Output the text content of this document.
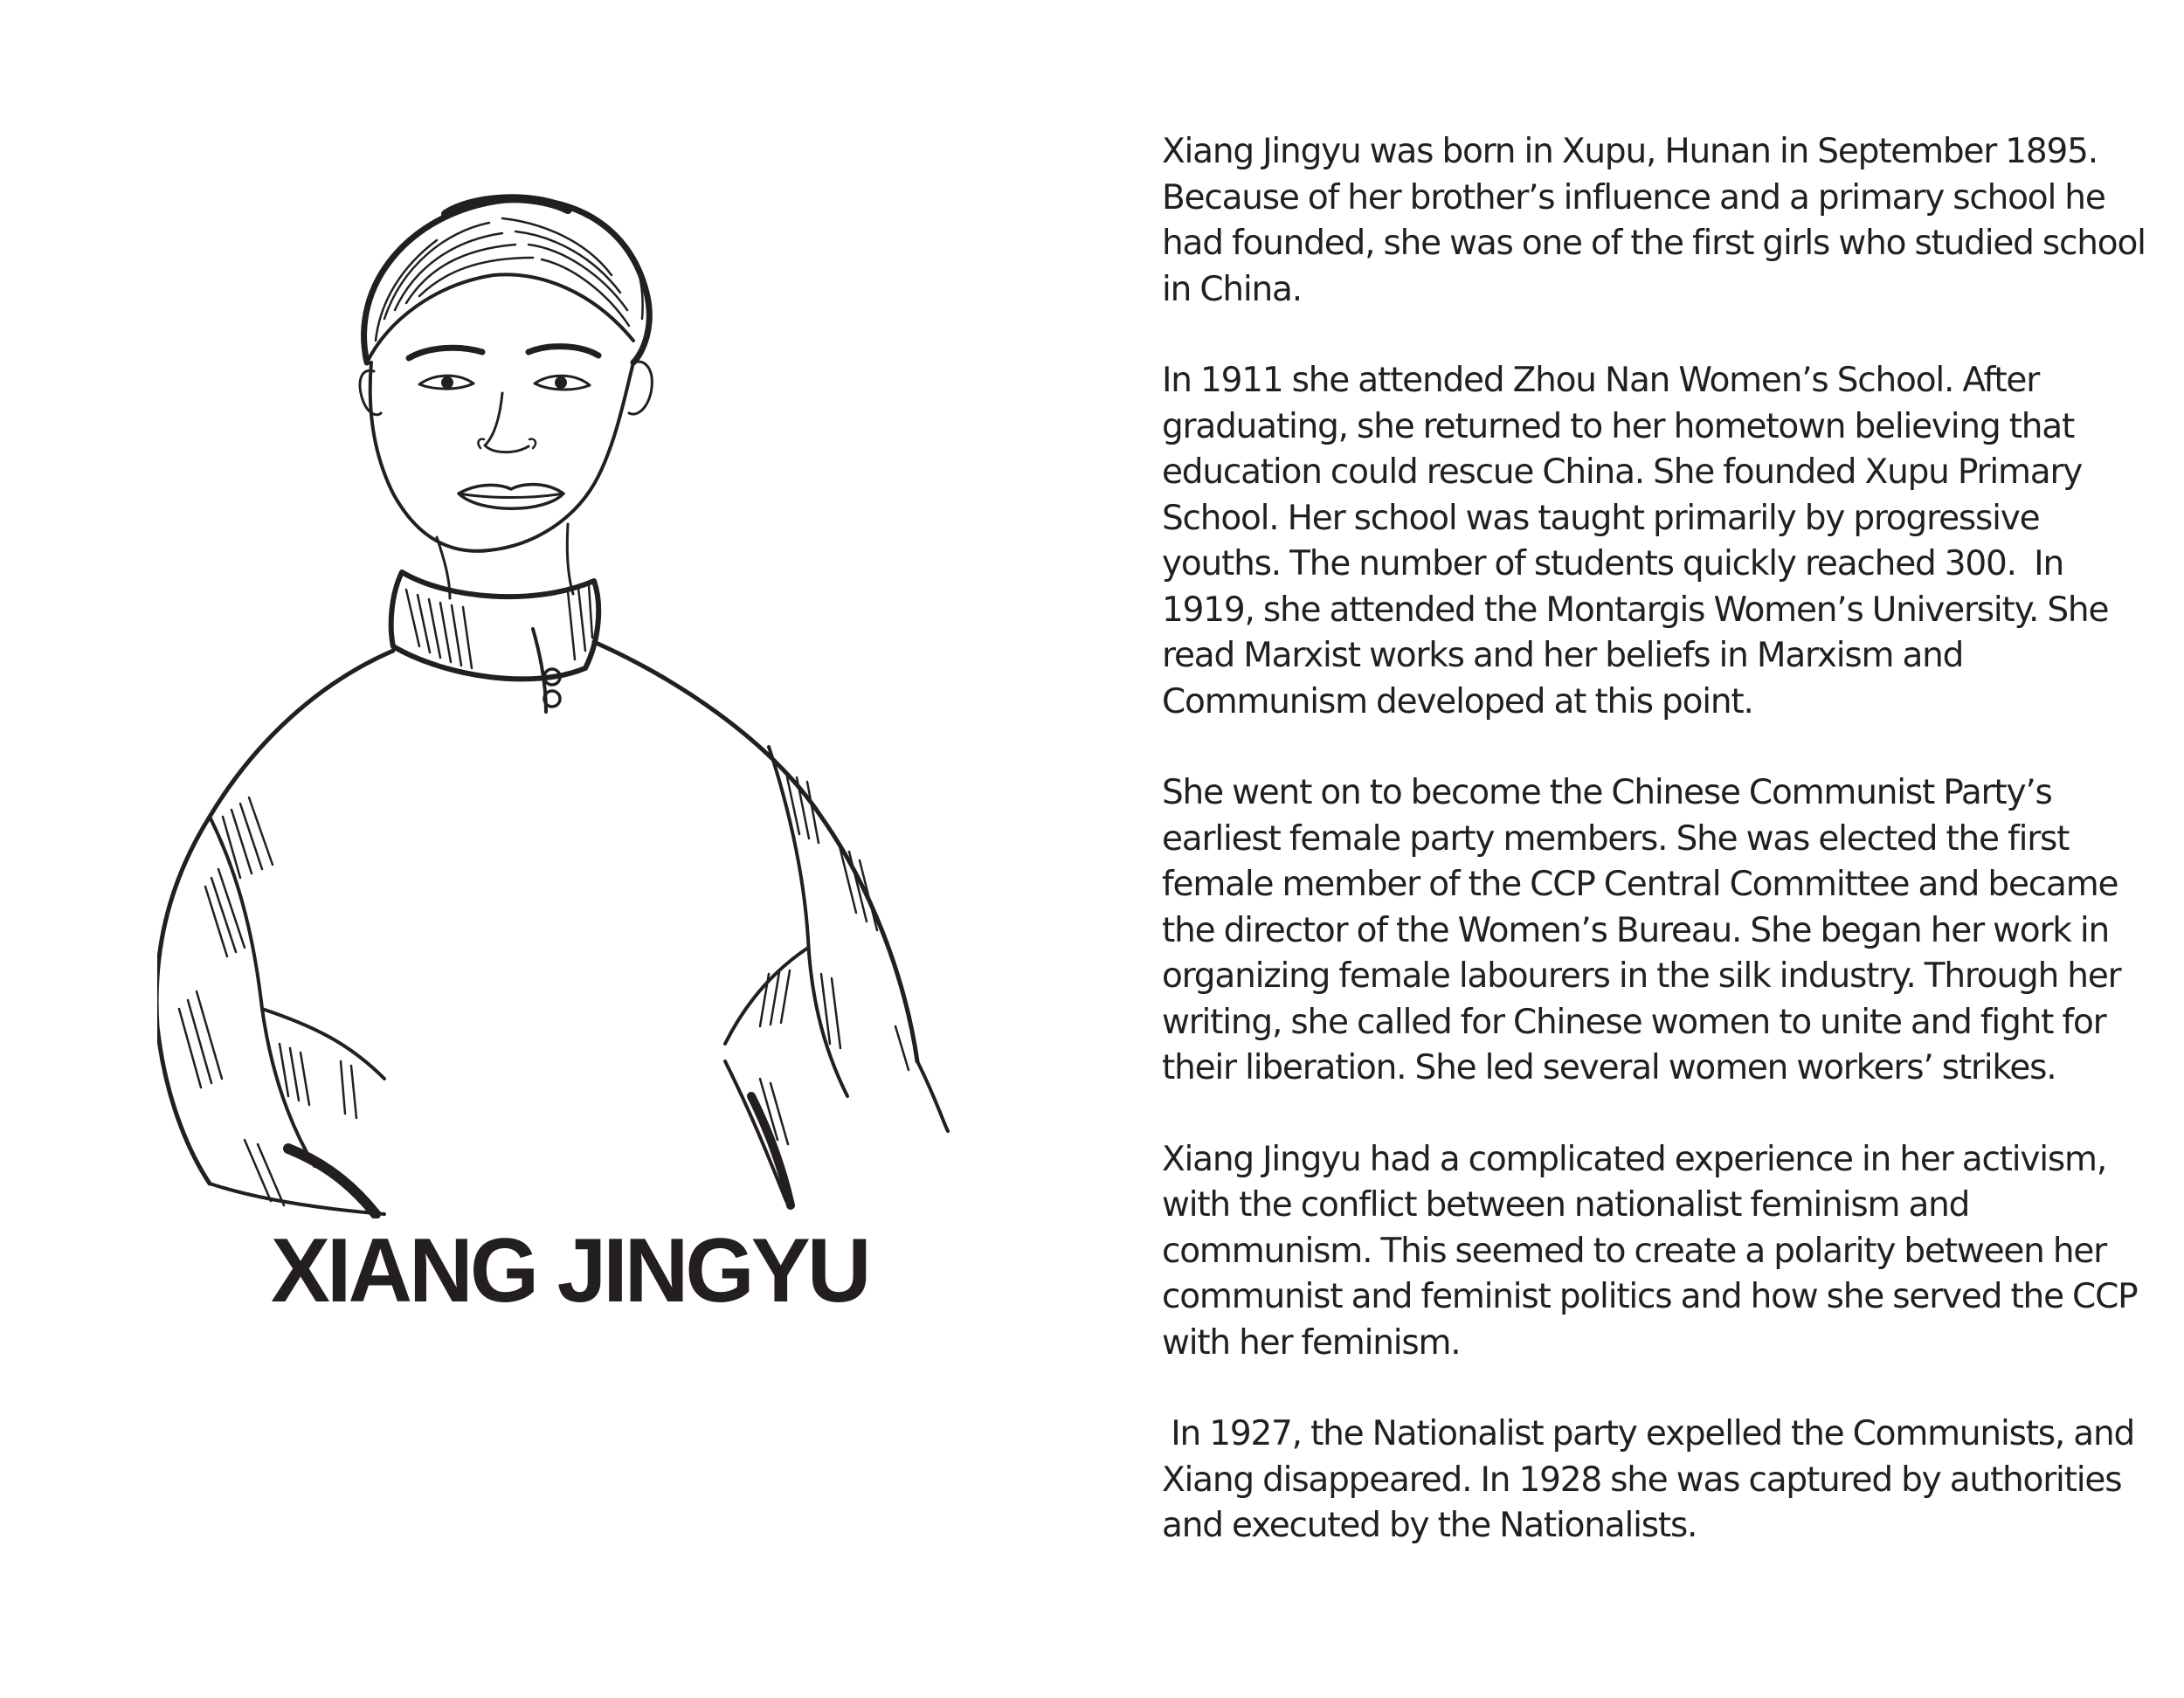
XIANG JINGYU

Xiang Jingyu was born in Xupu, Hunan in September 1895. Because of her brother’s influence and a primary school he had founded, she was one of the first girls who studied school in China.

In 1911 she attended Zhou Nan Women’s School. After graduating, she returned to her hometown believing that education could rescue China. She founded Xupu Primary School. Her school was taught primarily by progressive youths. The number of students quickly reached 300.  In 1919, she attended the Montargis Women’s University. She read Marxist works and her beliefs in Marxism and Communism developed at this point.

She went on to become the Chinese Communist Party’s earliest female party members. She was elected the first female member of the CCP Central Committee and became the director of the Women’s Bureau. She began her work in organizing female labourers in the silk industry. Through her writing, she called for Chinese women to unite and fight for their liberation. She led several women workers’ strikes.

Xiang Jingyu had a complicated experience in her activism, with the conflict between nationalist feminism and communism. This seemed to create a polarity between her communist and feminist politics and how she served the CCP with her feminism.

In 1927, the Nationalist party expelled the Communists, and Xiang disappeared. In 1928 she was captured by authorities and executed by the Nationalists.
